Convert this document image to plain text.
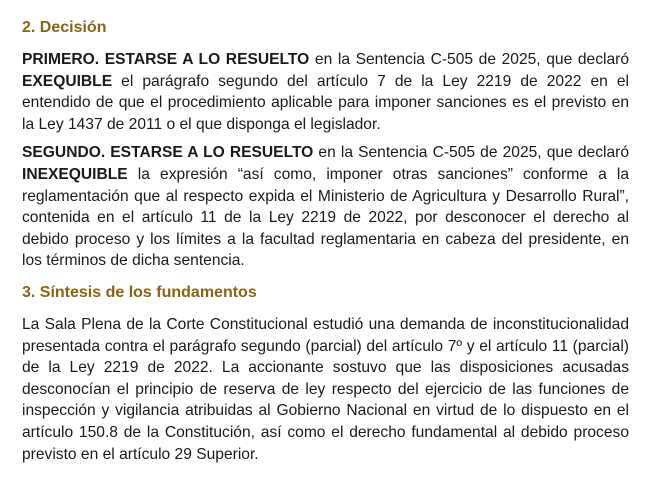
2. Decisión

PRIMERO. ESTARSE A LO RESUELTO en la Sentencia C-505 de 2025, que declaró EXEQUIBLE el parágrafo segundo del artículo 7 de la Ley 2219 de 2022 en el entendido de que el procedimiento aplicable para imponer sanciones es el previsto en la Ley 1437 de 2011 o el que disponga el legislador.

SEGUNDO. ESTARSE A LO RESUELTO en la Sentencia C-505 de 2025, que declaró INEXEQUIBLE la expresión “así como, imponer otras sanciones” conforme a la reglamentación que al respecto expida el Ministerio de Agricultura y Desarrollo Rural”, contenida en el artículo 11 de la Ley 2219 de 2022, por desconocer el derecho al debido proceso y los límites a la facultad reglamentaria en cabeza del presidente, en los términos de dicha sentencia.

3. Síntesis de los fundamentos

La Sala Plena de la Corte Constitucional estudió una demanda de inconstitucionalidad presentada contra el parágrafo segundo (parcial) del artículo 7º y el artículo 11 (parcial) de la Ley 2219 de 2022. La accionante sostuvo que las disposiciones acusadas desconocían el principio de reserva de ley respecto del ejercicio de las funciones de inspección y vigilancia atribuidas al Gobierno Nacional en virtud de lo dispuesto en el artículo 150.8 de la Constitución, así como el derecho fundamental al debido proceso previsto en el artículo 29 Superior.
